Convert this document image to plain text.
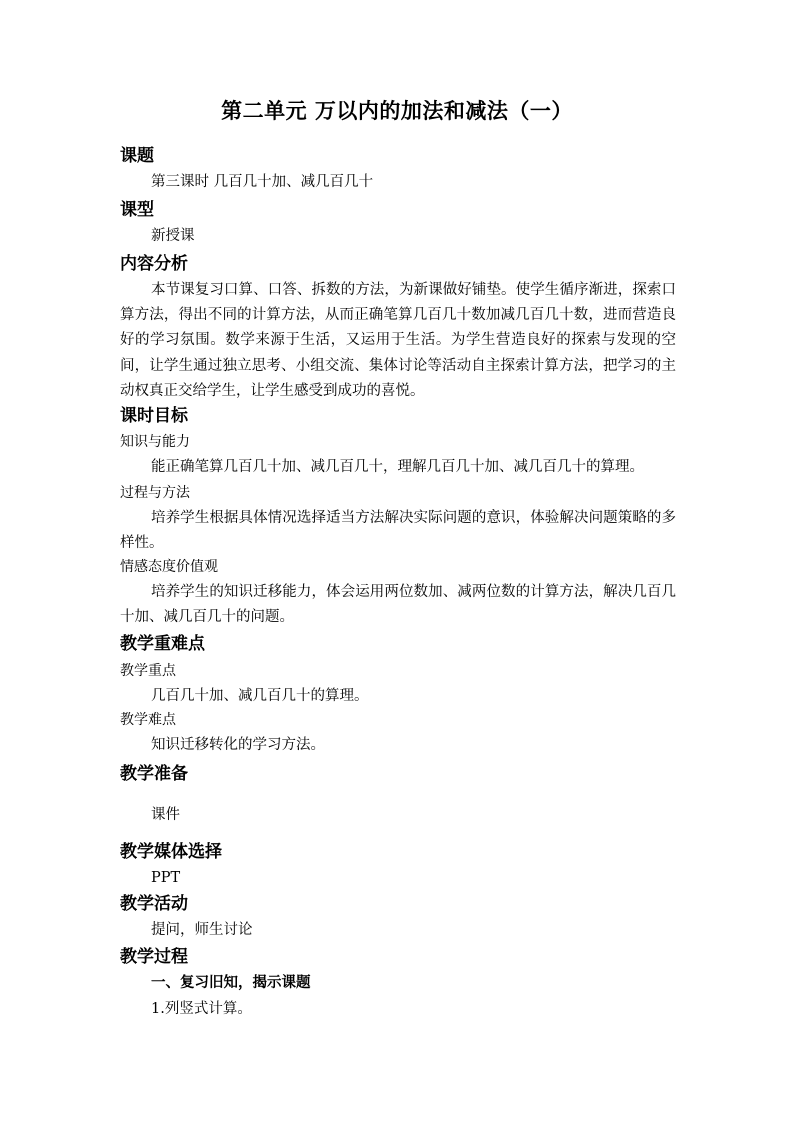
第二单元 万以内的加法和减法（一）
课题
第三课时 几百几十加、减几百几十
课型
新授课
内容分析
本节课复习口算、口答、拆数的方法，为新课做好铺垫。使学生循序渐进，探索口算方法，得出不同的计算方法，从而正确笔算几百几十数加减几百几十数，进而营造良好的学习氛围。数学来源于生活，又运用于生活。为学生营造良好的探索与发现的空间，让学生通过独立思考、小组交流、集体讨论等活动自主探索计算方法，把学习的主动权真正交给学生，让学生感受到成功的喜悦。
课时目标
知识与能力
能正确笔算几百几十加、减几百几十，理解几百几十加、减几百几十的算理。
过程与方法
培养学生根据具体情况选择适当方法解决实际问题的意识，体验解决问题策略的多样性。
情感态度价值观
培养学生的知识迁移能力，体会运用两位数加、减两位数的计算方法，解决几百几十加、减几百几十的问题。
教学重难点
教学重点
几百几十加、减几百几十的算理。
教学难点
知识迁移转化的学习方法。
教学准备
课件
教学媒体选择
PPT
教学活动
提问，师生讨论
教学过程
一、复习旧知，揭示课题
1.列竖式计算。
